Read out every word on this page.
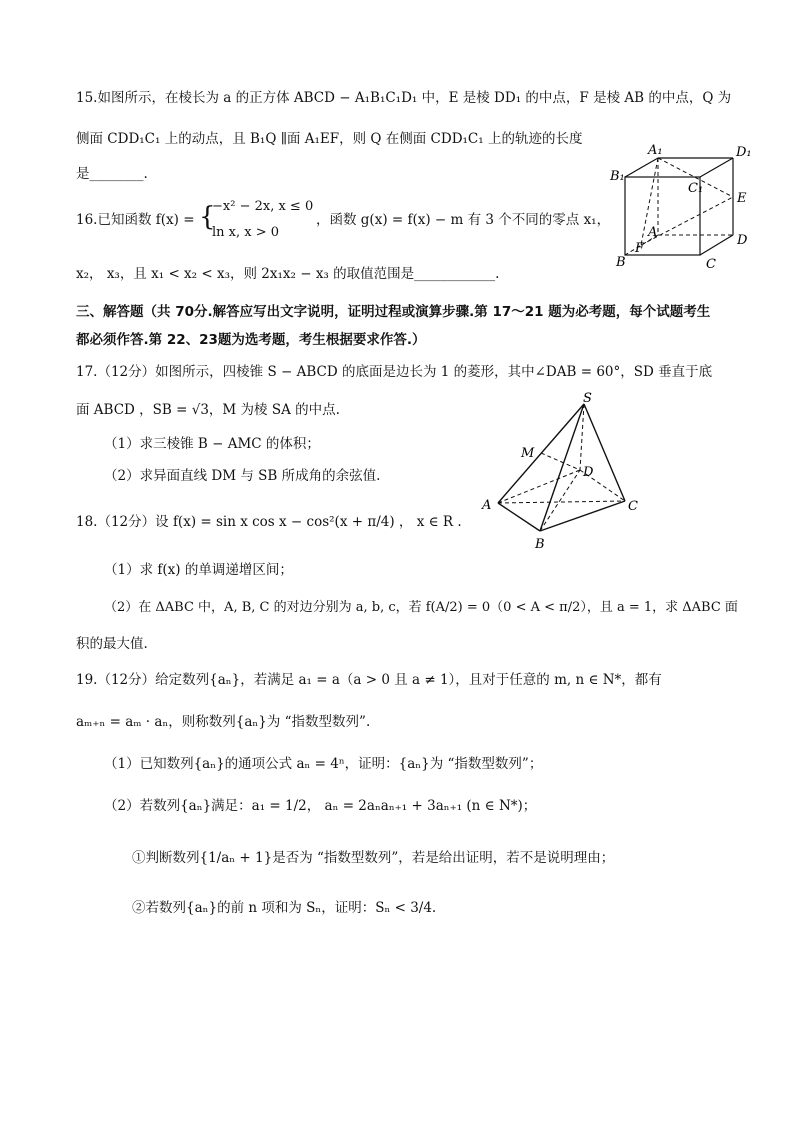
15.如图所示，在棱长为 a 的正方体 ABCD − A₁B₁C₁D₁ 中，E 是棱 DD₁ 的中点，F 是棱 AB 的中点，Q 为
侧面 CDD₁C₁ 上的动点，且 B₁Q ∥面 A₁EF，则 Q 在侧面 CDD₁C₁ 上的轨迹的长度
是________.
16.已知函数 f(x) = {
−x² − 2x, x ≤ 0
ln x, x > 0
，函数 g(x) = f(x) − m 有 3 个不同的零点 x₁，
x₂， x₃，且 x₁ < x₂ < x₃，则 2x₁x₂ − x₃ 的取值范围是____________.
三、解答题（共 70分.解答应写出文字说明，证明过程或演算步骤.第 17～21 题为必考题，每个试题考生
都必须作答.第 22、23题为选考题，考生根据要求作答.）
17.（12分）如图所示，四棱锥 S − ABCD 的底面是边长为 1 的菱形，其中∠DAB = 60°，SD 垂直于底
面 ABCD ，SB = √3，M 为棱 SA 的中点.
（1）求三棱锥 B − AMC 的体积；
（2）求异面直线 DM 与 SB 所成角的余弦值.
18.（12分）设 f(x) = sin x cos x − cos²(x + π/4) ， x ∈ R .
（1）求 f(x) 的单调递增区间；
（2）在 ΔABC 中，A, B, C 的对边分别为 a, b, c，若 f(A/2) = 0（0 < A < π/2），且 a = 1，求 ΔABC 面
积的最大值.
19.（12分）给定数列{aₙ}，若满足 a₁ = a（a > 0 且 a ≠ 1），且对于任意的 m, n ∈ N*，都有
aₘ₊ₙ = aₘ · aₙ，则称数列{aₙ}为 “指数型数列”.
（1）已知数列{aₙ}的通项公式 aₙ = 4ⁿ，证明：{aₙ}为 “指数型数列”；
（2）若数列{aₙ}满足：a₁ = 1/2， aₙ = 2aₙaₙ₊₁ + 3aₙ₊₁ (n ∈ N*)；
①判断数列{1/aₙ + 1}是否为 “指数型数列”，若是给出证明，若不是说明理由；
②若数列{aₙ}的前 n 项和为 Sₙ，证明：Sₙ < 3/4.
A₁	D₁
B₁
C₁
E
A
F
B	C
D
S
M
D
A
B
C
